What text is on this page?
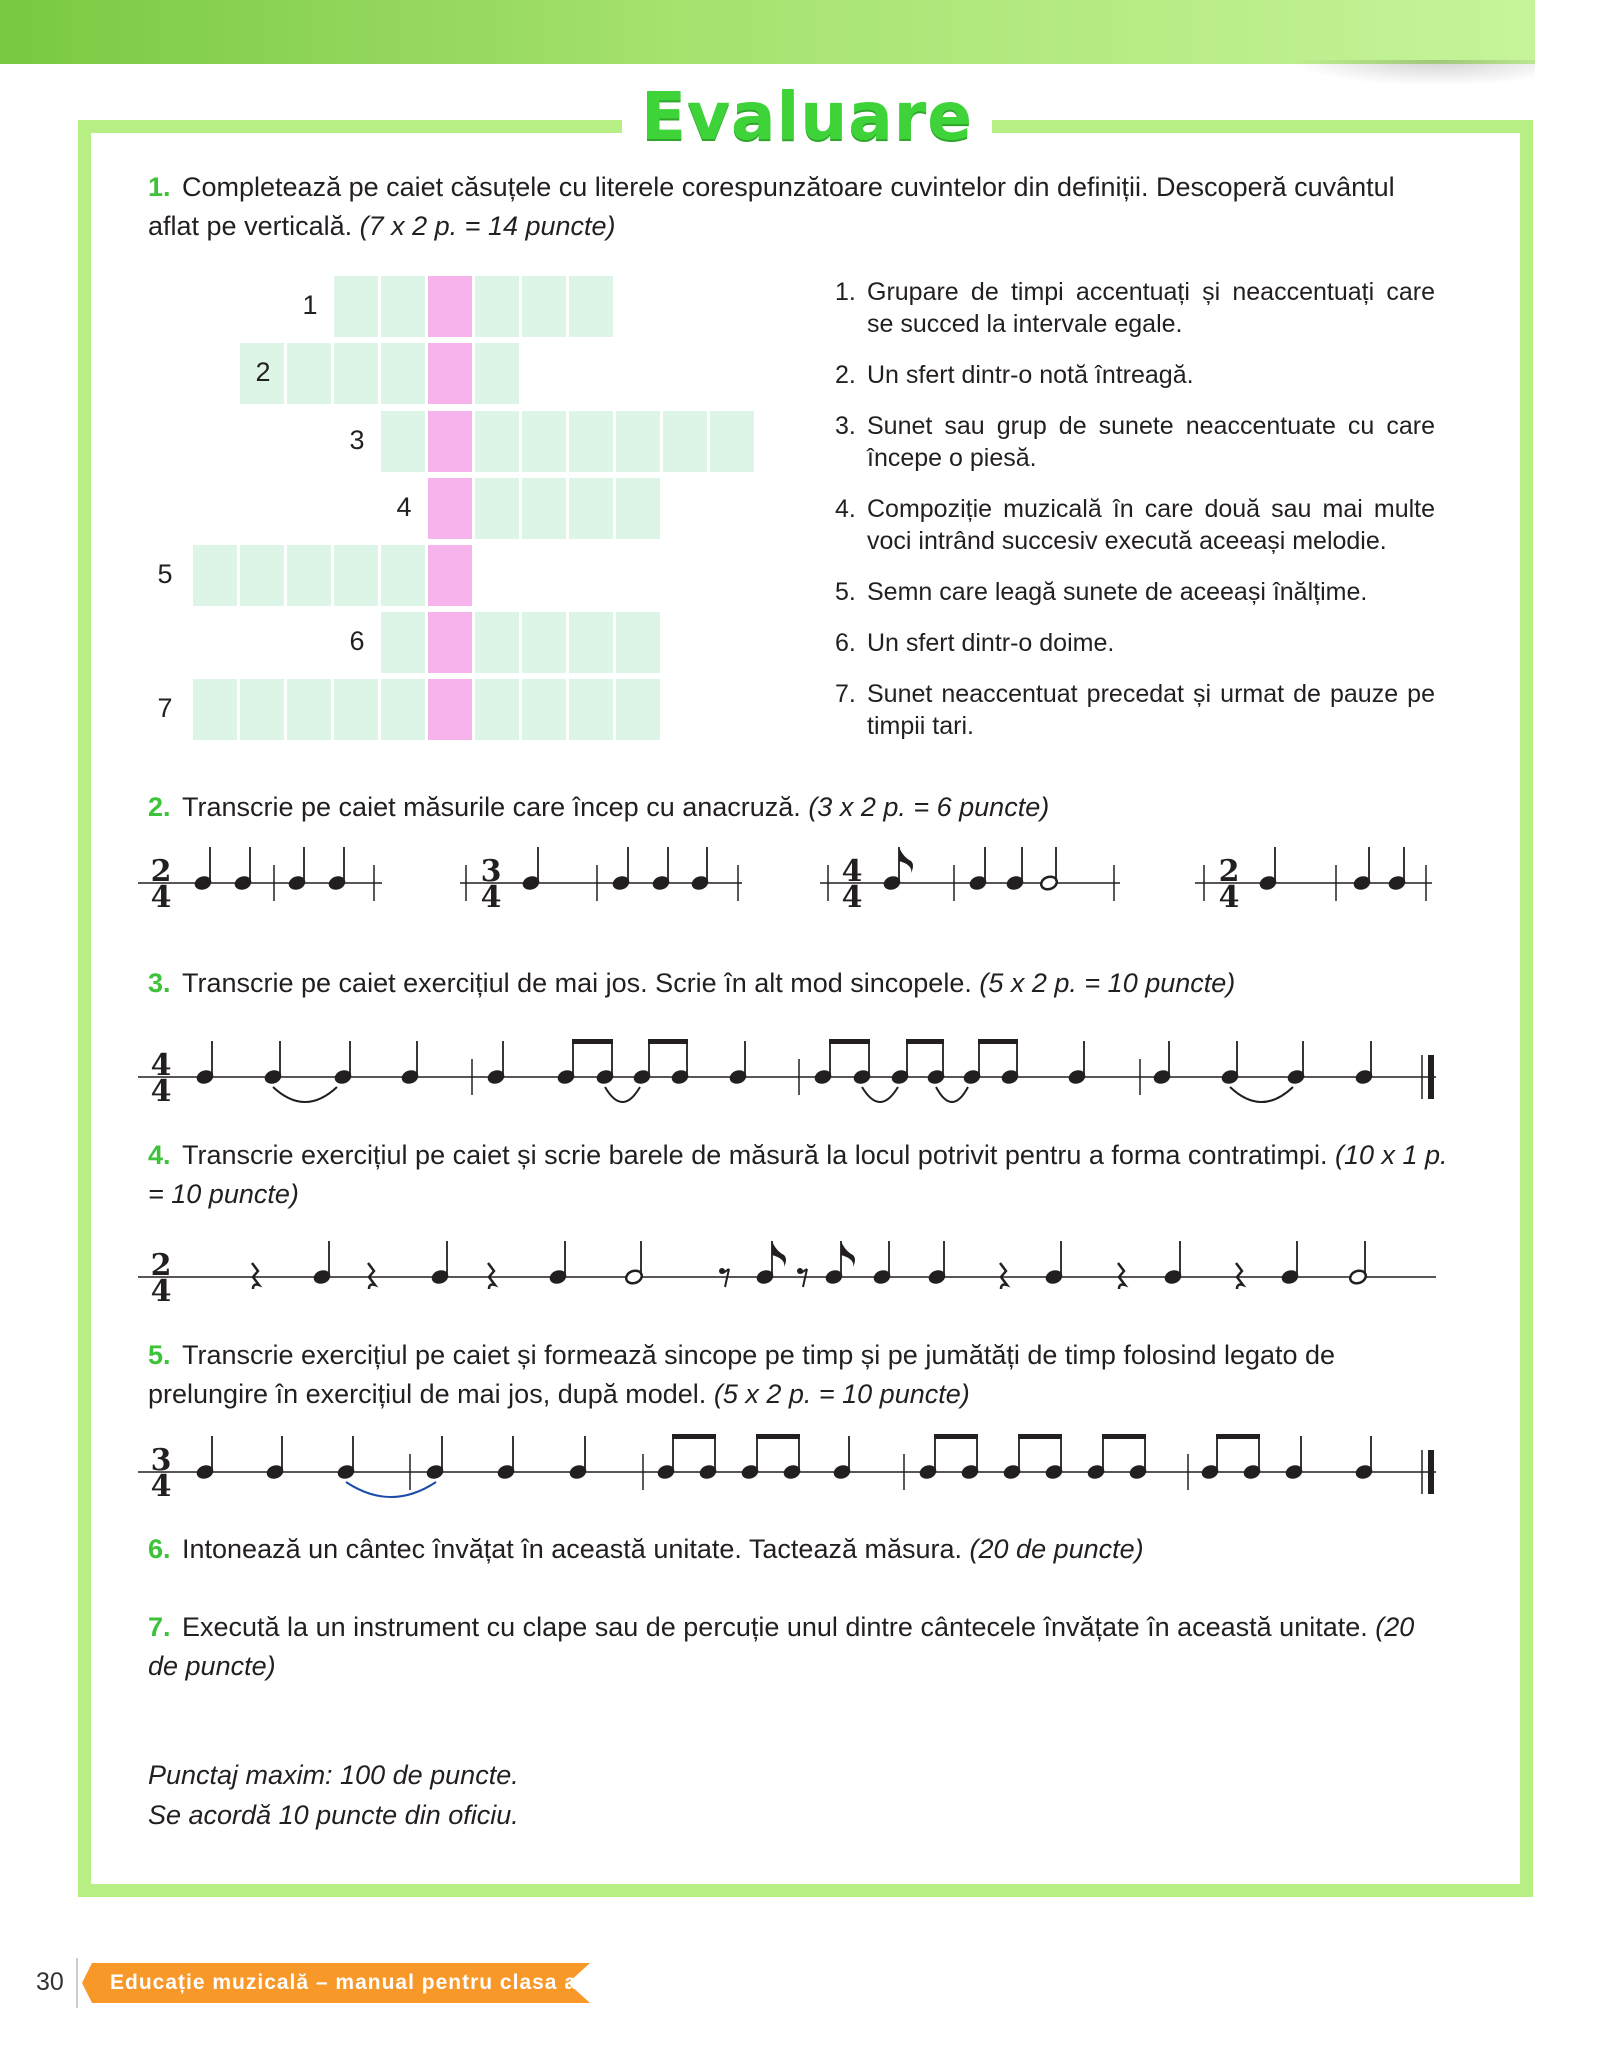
Evaluare
1. Completează pe caiet căsuțele cu literele corespunzătoare cuvintelor din definiții. Descoperă cuvântul aflat pe verticală. (7 x 2 p. = 14 puncte)
1
2
3
4
5
6
7
1. Grupare de timpi accentuați și neaccentuați care se succed la intervale egale.
2. Un sfert dintr-o notă întreagă.
3. Sunet sau grup de sunete neaccentuate cu care începe o piesă.
4. Compoziție muzicală în care două sau mai multe voci intrând succesiv execută aceeași melodie.
5. Semn care leagă sunete de aceeași înălțime.
6. Un sfert dintr-o doime.
7. Sunet neaccentuat precedat și urmat de pauze pe timpii tari.
2. Transcrie pe caiet măsurile care încep cu anacruză. (3 x 2 p. = 6 puncte)
3. Transcrie pe caiet exercițiul de mai jos. Scrie în alt mod sincopele. (5 x 2 p. = 10 puncte)
4. Transcrie exercițiul pe caiet și scrie barele de măsură la locul potrivit pentru a forma contratimpi. (10 x 1 p. = 10 puncte)
5. Transcrie exercițiul pe caiet și formează sincope pe timp și pe jumătăți de timp folosind legato de prelungire în exercițiul de mai jos, după model. (5 x 2 p. = 10 puncte)
6. Intonează un cântec învățat în această unitate. Tactează măsura. (20 de puncte)
7. Execută la un instrument cu clape sau de percuție unul dintre cântecele învățate în această unitate. (20 de puncte)
2
4
3
4
4
4
2
4
4
4
2
4
3
4
Punctaj maxim: 100 de puncte.
Se acordă 10 puncte din oficiu.
30 Educație muzicală – manual pentru clasa a VI-a
